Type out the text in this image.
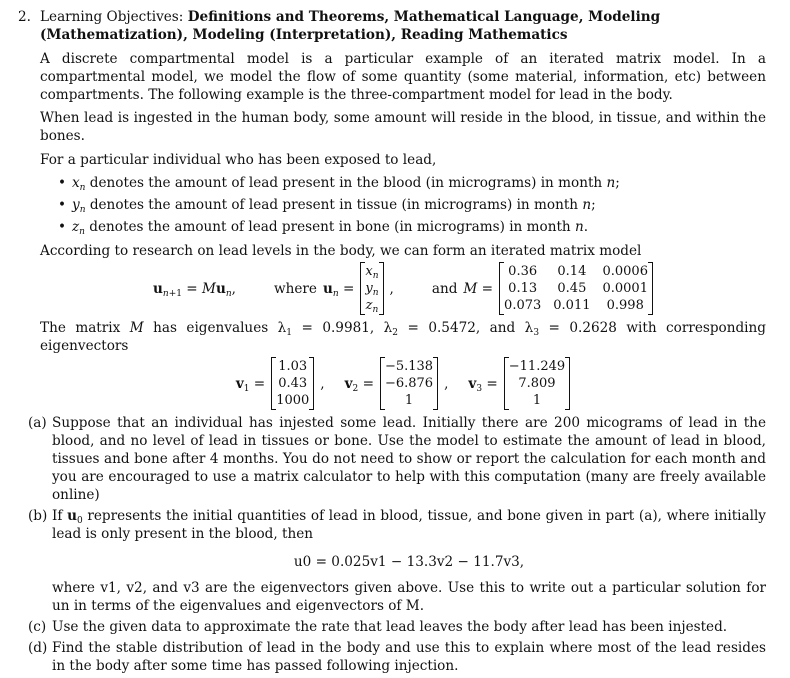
2. Learning Objectives: Definitions and Theorems, Mathematical Language, Modeling (Mathematization), Modeling (Interpretation), Reading Mathematics

A discrete compartmental model is a particular example of an iterated matrix model. In a compartmental model, we model the flow of some quantity (some material, information, etc) between compartments. The following example is the three-compartment model for lead in the body.

When lead is ingested in the human body, some amount will reside in the blood, in tissue, and within the bones.

For a particular individual who has been exposed to lead,

• $x_n$ denotes the amount of lead present in the blood (in micrograms) in month n;
• $y_n$ denotes the amount of lead present in tissue (in micrograms) in month n;
• $z_n$ denotes the amount of lead present in bone (in micrograms) in month n.

According to research on lead levels in the body, we can form an iterated matrix model

$u_{n+1} = Mu_n$,	where $u_n$ =
$x_n$
$y_n$
$z_n$
,	and M =
0.36	0.14	0.0006
0.13	0.45	0.0001
0.073 0.011	0.998

The matrix M has eigenvalues $\lambda_1 = 0.9981$, $\lambda_2 = 0.5472$, and $\lambda_3 = 0.2628$ with corresponding eigenvectors

$v_1$ =
1.03
0.43
1000
, $v_2$ =
−5.138
−6.876
1
, $v_3$ =
−11.249
7.809
1
(a) Suppose that an individual has injested some lead. Initially there are 200 micograms of lead in the blood, and no level of lead in tissues or bone. Use the model to estimate the amount of lead in blood, tissues and bone after 4 months. You do not need to show or report the calculation for each month and you are encouraged to use a matrix calculator to help with this computation (many are freely available online)
(b) If $u_0$ represents the initial quantities of lead in blood, tissue, and bone given in part (a), where initially lead is only present in the blood, then
u0 = 0.025v1 − 13.3v2 − 11.7v3,
where v1, v2, and v3 are the eigenvectors given above. Use this to write out a particular solution for un in terms of the eigenvalues and eigenvectors of M.
(c) Use the given data to approximate the rate that lead leaves the body after lead has been injested.
(d) Find the stable distribution of lead in the body and use this to explain where most of the lead resides in the body after some time has passed following injection.
